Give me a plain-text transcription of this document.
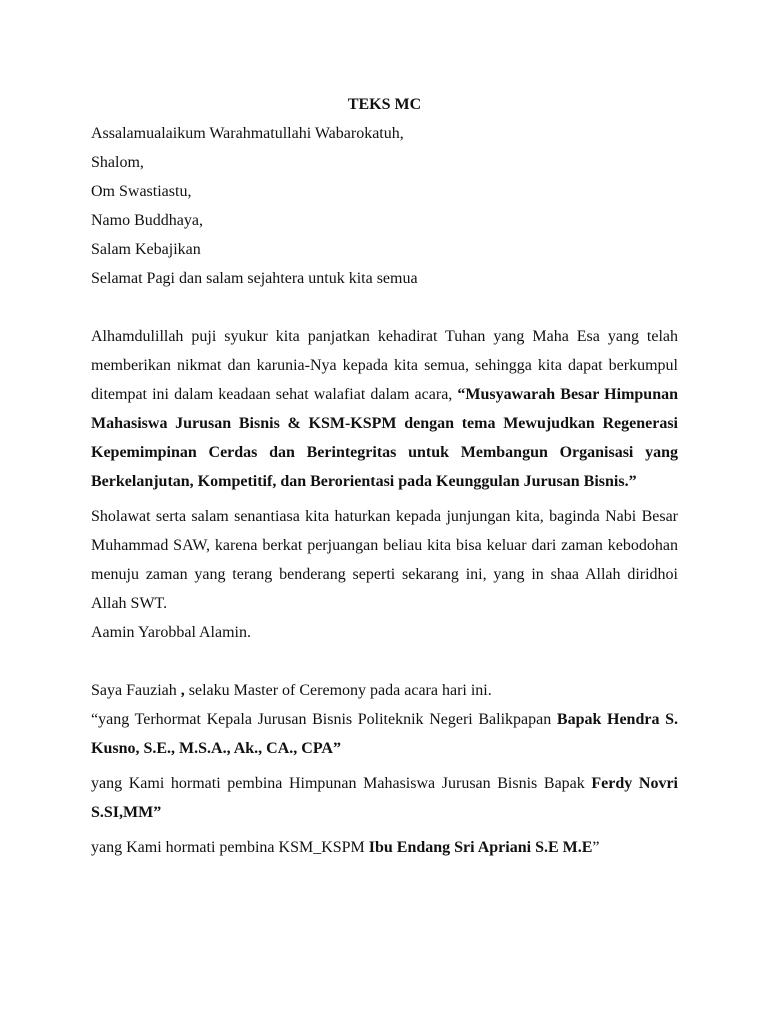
TEKS MC

Assalamualaikum Warahmatullahi Wabarokatuh,

Shalom,

Om Swastiastu,

Namo Buddhaya,

Salam Kebajikan

Selamat Pagi dan salam sejahtera untuk kita semua

Alhamdulillah puji syukur kita panjatkan kehadirat Tuhan yang Maha Esa yang telah memberikan nikmat dan karunia-Nya kepada kita semua, sehingga kita dapat berkumpul ditempat ini dalam keadaan sehat walafiat dalam acara, “Musyawarah Besar Himpunan Mahasiswa Jurusan Bisnis & KSM-KSPM dengan tema Mewujudkan Regenerasi Kepemimpinan Cerdas dan Berintegritas untuk Membangun Organisasi yang Berkelanjutan, Kompetitif, dan Berorientasi pada Keunggulan Jurusan Bisnis.”

Sholawat serta salam senantiasa kita haturkan kepada junjungan kita, baginda Nabi Besar Muhammad SAW, karena berkat perjuangan beliau kita bisa keluar dari zaman kebodohan menuju zaman yang terang benderang seperti sekarang ini, yang in shaa Allah diridhoi Allah SWT.

Aamin Yarobbal Alamin.

Saya Fauziah , selaku Master of Ceremony pada acara hari ini.

“yang Terhormat Kepala Jurusan Bisnis Politeknik Negeri Balikpapan Bapak Hendra S. Kusno, S.E., M.S.A., Ak., CA., CPA”

yang Kami hormati pembina Himpunan Mahasiswa Jurusan Bisnis Bapak Ferdy Novri S.SI,MM”

yang Kami hormati pembina KSM_KSPM Ibu Endang Sri Apriani S.E M.E”
